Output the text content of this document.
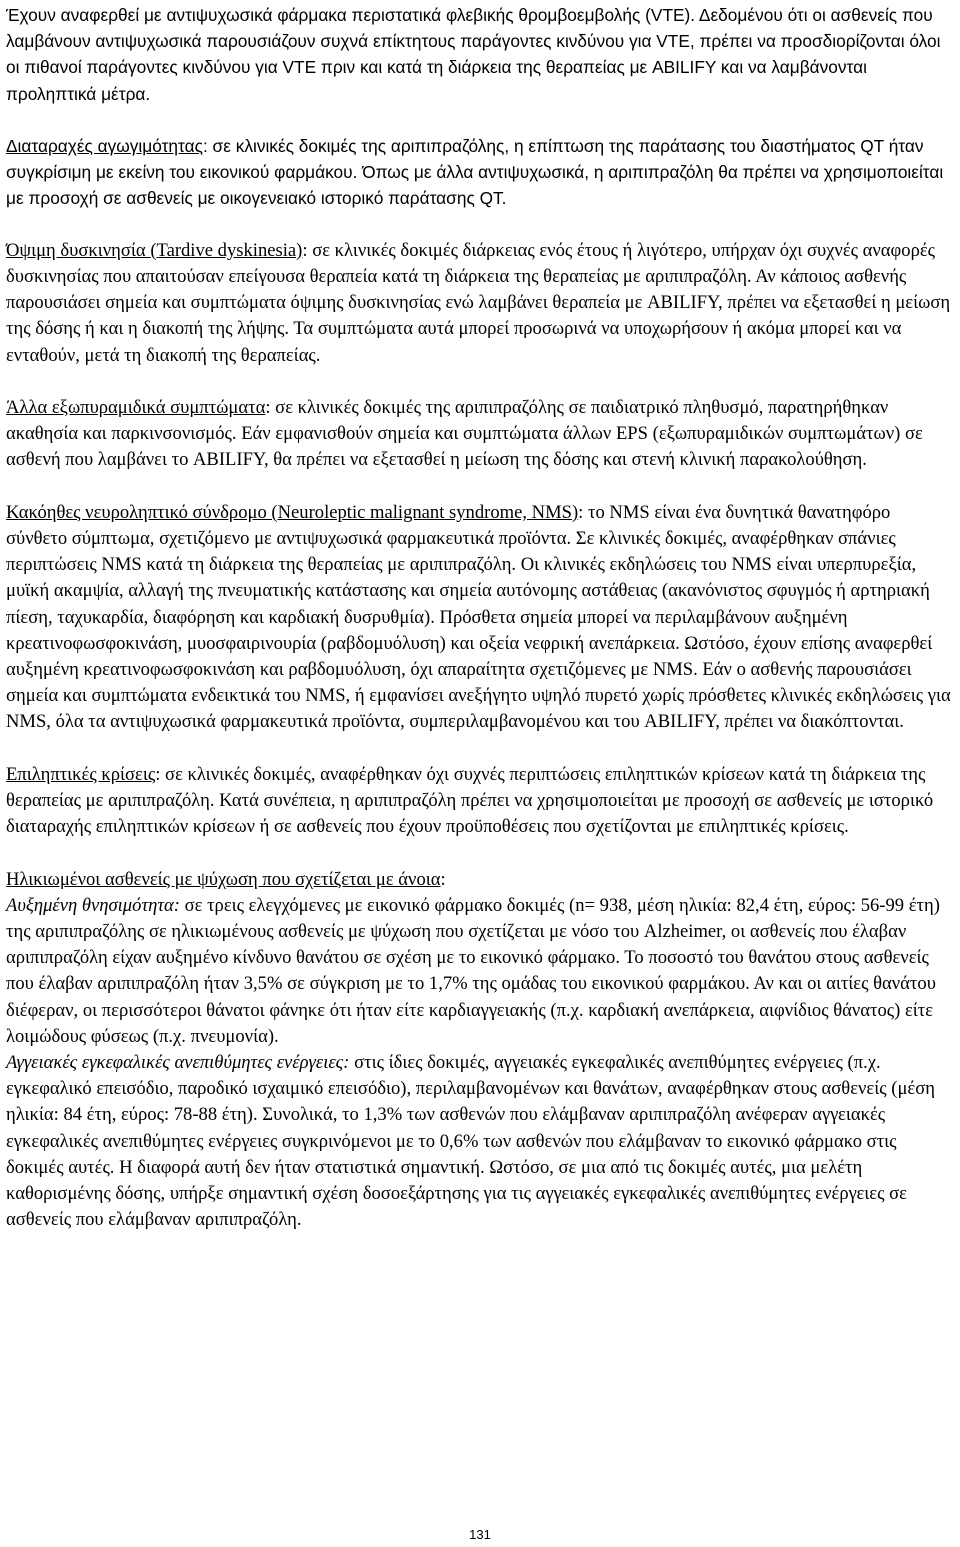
Έχουν αναφερθεί με αντιψυχωσικά φάρμακα περιστατικά φλεβικής θρομβοεμβολής (VTE). Δεδομένου ότι οι ασθενείς που λαμβάνουν αντιψυχωσικά παρουσιάζουν συχνά επίκτητους παράγοντες κινδύνου για VTE, πρέπει να προσδιορίζονται όλοι οι πιθανοί παράγοντες κινδύνου για VTE πριν και κατά τη διάρκεια της θεραπείας με ABILIFY και να λαμβάνονται προληπτικά μέτρα.

Διαταραχές αγωγιμότητας: σε κλινικές δοκιμές της αριπιπραζόλης, η επίπτωση της παράτασης του διαστήματος QT ήταν συγκρίσιμη με εκείνη του εικονικού φαρμάκου. Όπως με άλλα αντιψυχωσικά, η αριπιπραζόλη θα πρέπει να χρησιμοποιείται με προσοχή σε ασθενείς με οικογενειακό ιστορικό παράτασης QT.

Όψιμη δυσκινησία (Tardive dyskinesia): σε κλινικές δοκιμές διάρκειας ενός έτους ή λιγότερο, υπήρχαν όχι συχνές αναφορές δυσκινησίας που απαιτούσαν επείγουσα θεραπεία κατά τη διάρκεια της θεραπείας με αριπιπραζόλη. Αν κάποιος ασθενής παρουσιάσει σημεία και συμπτώματα όψιμης δυσκινησίας ενώ λαμβάνει θεραπεία με ABILIFY, πρέπει να εξετασθεί η μείωση της δόσης ή και η διακοπή της λήψης. Τα συμπτώματα αυτά μπορεί προσωρινά να υποχωρήσουν ή ακόμα μπορεί και να ενταθούν, μετά τη διακοπή της θεραπείας.

Άλλα εξωπυραμιδικά συμπτώματα: σε κλινικές δοκιμές της αριπιπραζόλης σε παιδιατρικό πληθυσμό, παρατηρήθηκαν ακαθησία και παρκινσονισμός. Εάν εμφανισθούν σημεία και συμπτώματα άλλων EPS (εξωπυραμιδικών συμπτωμάτων) σε ασθενή που λαμβάνει το ABILIFY, θα πρέπει να εξετασθεί η μείωση της δόσης και στενή κλινική παρακολούθηση.

Κακόηθες νευροληπτικό σύνδρομο (Neuroleptic malignant syndrome, NMS): το NMS είναι ένα δυνητικά θανατηφόρο σύνθετο σύμπτωμα, σχετιζόμενο με αντιψυχωσικά φαρμακευτικά προϊόντα. Σε κλινικές δοκιμές, αναφέρθηκαν σπάνιες περιπτώσεις NMS κατά τη διάρκεια της θεραπείας με αριπιπραζόλη. Οι κλινικές εκδηλώσεις του NMS είναι υπερπυρεξία, μυϊκή ακαμψία, αλλαγή της πνευματικής κατάστασης και σημεία αυτόνομης αστάθειας (ακανόνιστος σφυγμός ή αρτηριακή πίεση, ταχυκαρδία, διαφόρηση και καρδιακή δυσρυθμία). Πρόσθετα σημεία μπορεί να περιλαμβάνουν αυξημένη κρεατινοφωσφοκινάση, μυοσφαιρινουρία (ραβδομυόλυση) και οξεία νεφρική ανεπάρκεια. Ωστόσο, έχουν επίσης αναφερθεί αυξημένη κρεατινοφωσφοκινάση και ραβδομυόλυση, όχι απαραίτητα σχετιζόμενες με NMS. Εάν ο ασθενής παρουσιάσει σημεία και συμπτώματα ενδεικτικά του NMS, ή εμφανίσει ανεξήγητο υψηλό πυρετό χωρίς πρόσθετες κλινικές εκδηλώσεις για NMS, όλα τα αντιψυχωσικά φαρμακευτικά προϊόντα, συμπεριλαμβανομένου και του ABILIFY, πρέπει να διακόπτονται.

Επιληπτικές κρίσεις: σε κλινικές δοκιμές, αναφέρθηκαν όχι συχνές περιπτώσεις επιληπτικών κρίσεων κατά τη διάρκεια της θεραπείας με αριπιπραζόλη. Κατά συνέπεια, η αριπιπραζόλη πρέπει να χρησιμοποιείται με προσοχή σε ασθενείς με ιστορικό διαταραχής επιληπτικών κρίσεων ή σε ασθενείς που έχουν προϋποθέσεις που σχετίζονται με επιληπτικές κρίσεις.

Ηλικιωμένοι ασθενείς με ψύχωση που σχετίζεται με άνοια:

Αυξημένη θνησιμότητα: σε τρεις ελεγχόμενες με εικονικό φάρμακο δοκιμές (n= 938, μέση ηλικία: 82,4 έτη, εύρος: 56-99 έτη) της αριπιπραζόλης σε ηλικιωμένους ασθενείς με ψύχωση που σχετίζεται με νόσο του Alzheimer, οι ασθενείς που έλαβαν αριπιπραζόλη είχαν αυξημένο κίνδυνο θανάτου σε σχέση με το εικονικό φάρμακο. Το ποσοστό του θανάτου στους ασθενείς που έλαβαν αριπιπραζόλη ήταν 3,5% σε σύγκριση με το 1,7% της ομάδας του εικονικού φαρμάκου. Αν και οι αιτίες θανάτου διέφεραν, οι περισσότεροι θάνατοι φάνηκε ότι ήταν είτε καρδιαγγειακής (π.χ. καρδιακή ανεπάρκεια, αιφνίδιος θάνατος) είτε λοιμώδους φύσεως (π.χ. πνευμονία).

Αγγειακές εγκεφαλικές ανεπιθύμητες ενέργειες: στις ίδιες δοκιμές, αγγειακές εγκεφαλικές ανεπιθύμητες ενέργειες (π.χ. εγκεφαλικό επεισόδιο, παροδικό ισχαιμικό επεισόδιο), περιλαμβανομένων και θανάτων, αναφέρθηκαν στους ασθενείς (μέση ηλικία: 84 έτη, εύρος: 78-88 έτη). Συνολικά, το 1,3% των ασθενών που ελάμβαναν αριπιπραζόλη ανέφεραν αγγειακές εγκεφαλικές ανεπιθύμητες ενέργειες συγκρινόμενοι με το 0,6% των ασθενών που ελάμβαναν το εικονικό φάρμακο στις δοκιμές αυτές. Η διαφορά αυτή δεν ήταν στατιστικά σημαντική. Ωστόσο, σε μια από τις δοκιμές αυτές, μια μελέτη καθορισμένης δόσης, υπήρξε σημαντική σχέση δοσοεξάρτησης για τις αγγειακές εγκεφαλικές ανεπιθύμητες ενέργειες σε ασθενείς που ελάμβαναν αριπιπραζόλη.

131
